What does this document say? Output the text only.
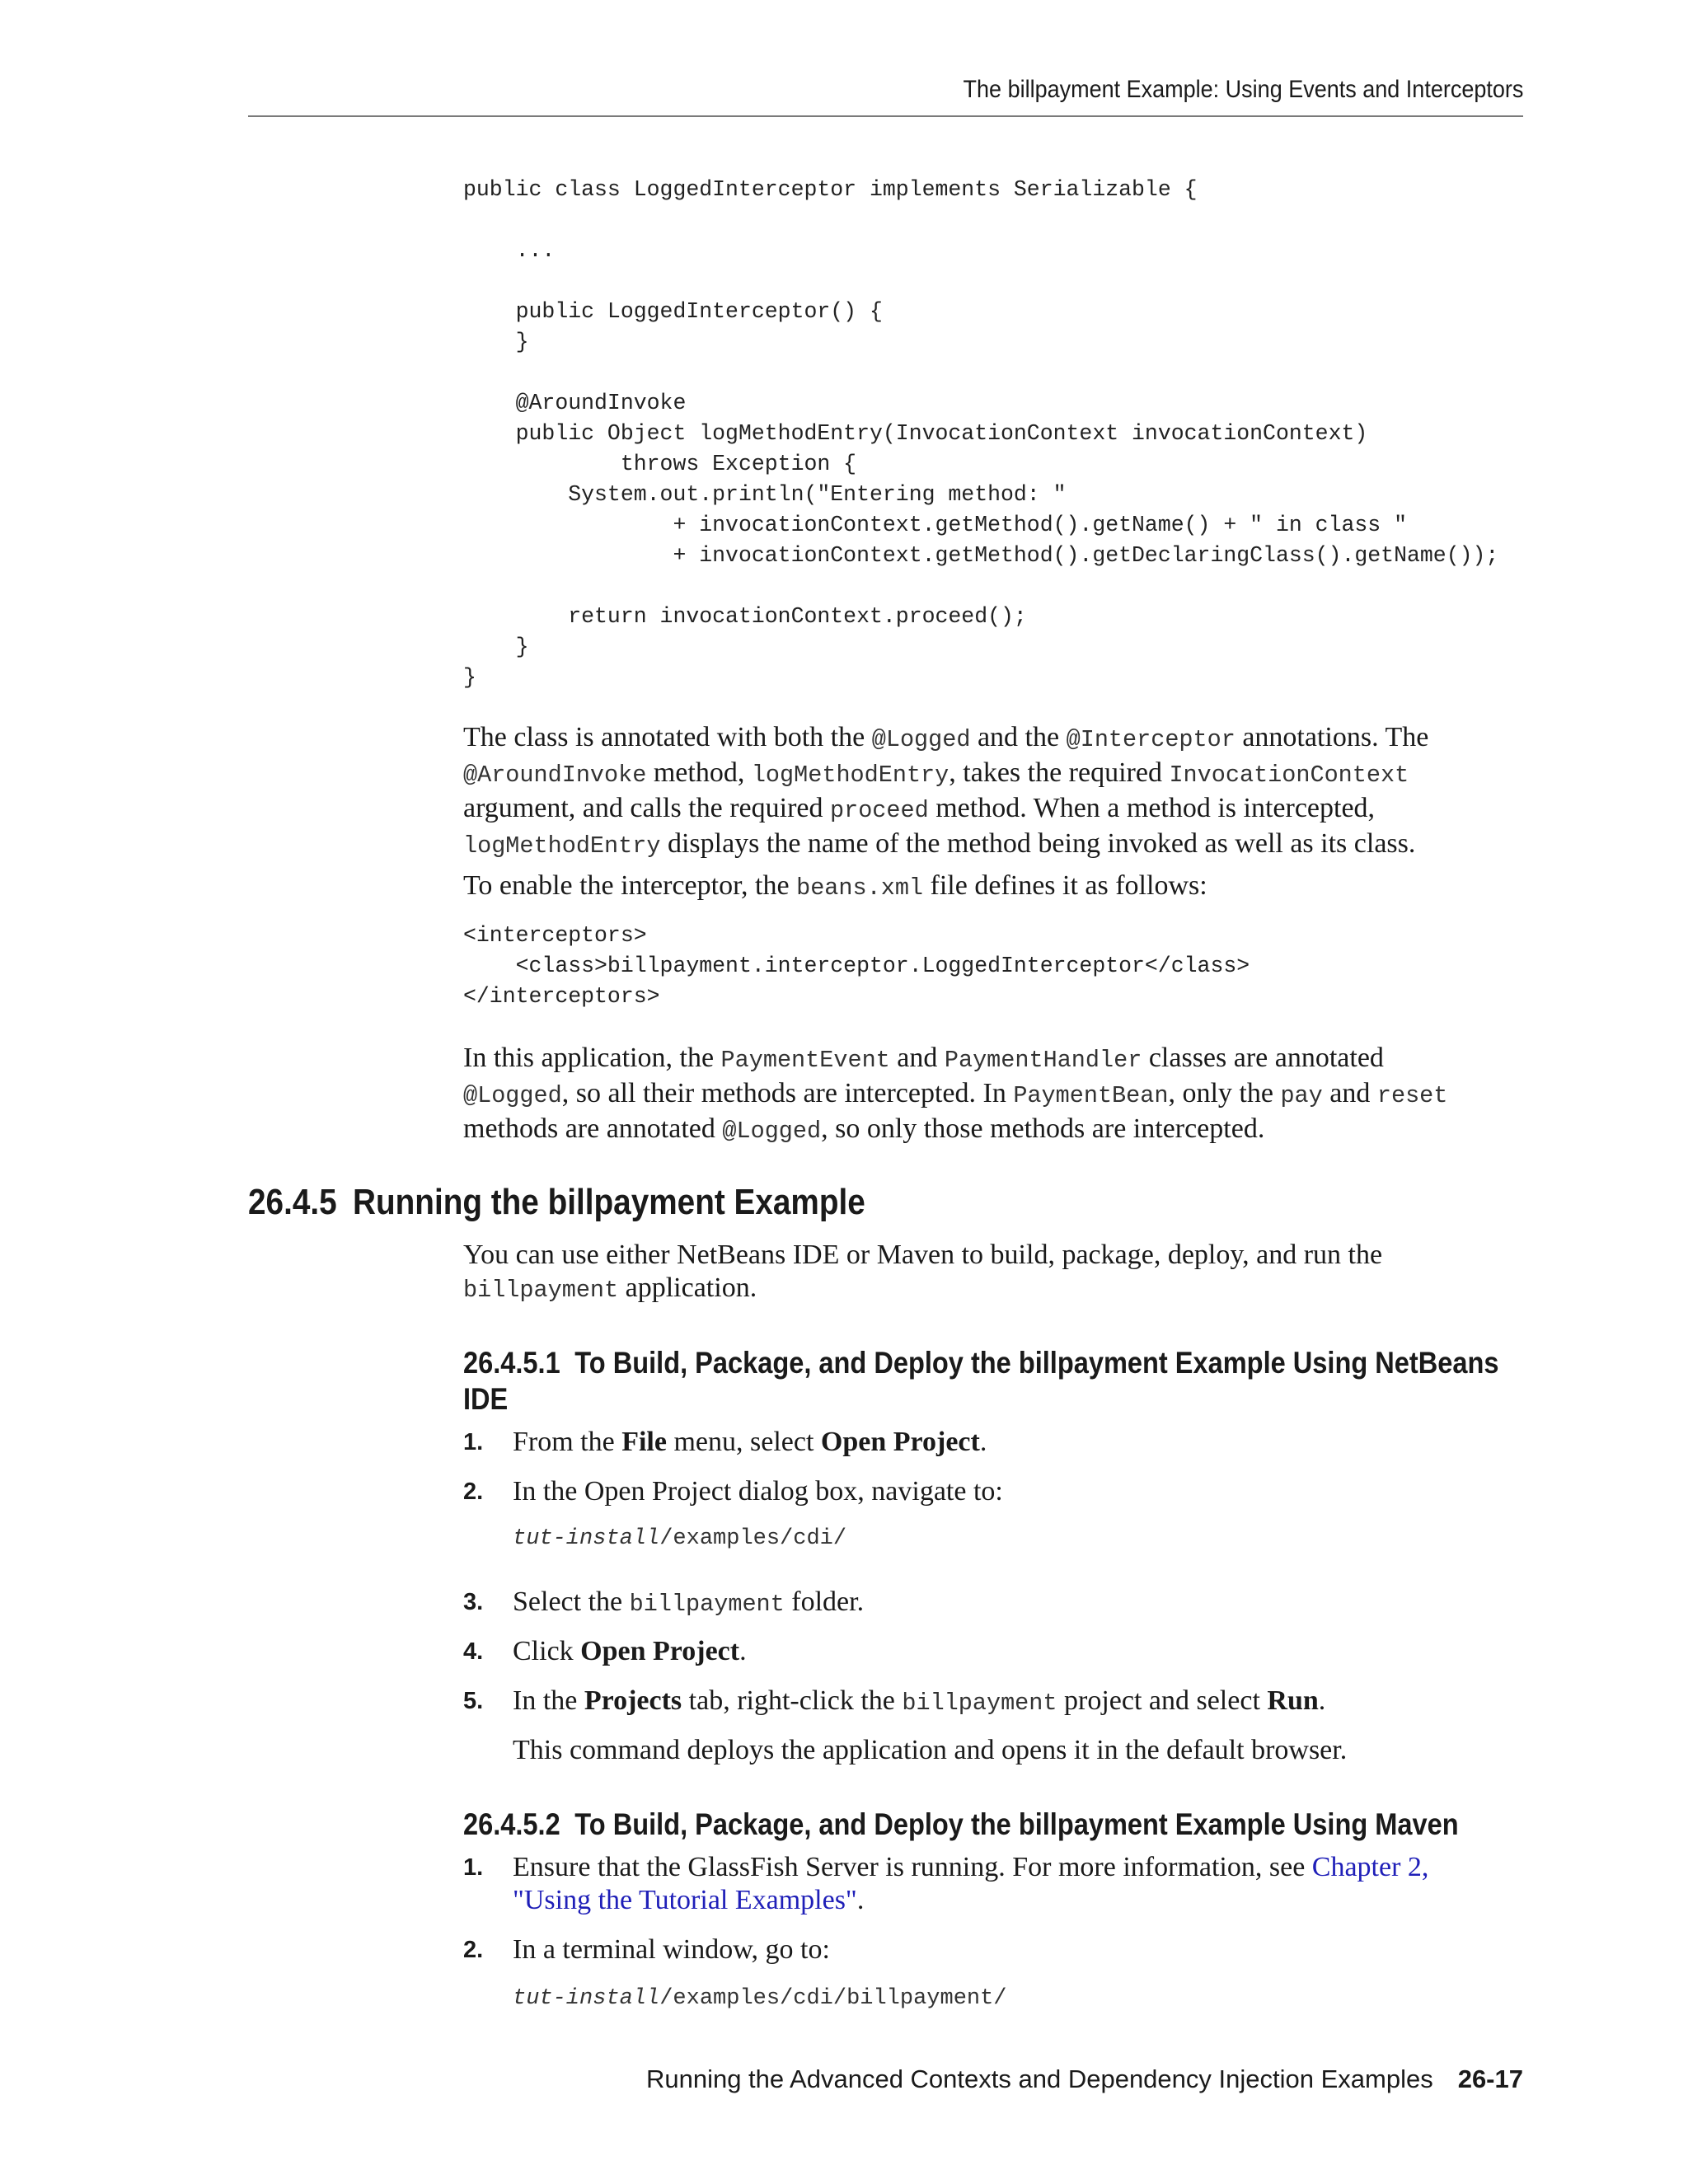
The billpayment Example: Using Events and Interceptors
public class LoggedInterceptor implements Serializable {

...

public LoggedInterceptor() {
}

@AroundInvoke
public Object logMethodEntry(InvocationContext invocationContext)
throws Exception {
System.out.println("Entering method: "
+ invocationContext.getMethod().getName() + " in class "
+ invocationContext.getMethod().getDeclaringClass().getName());

return invocationContext.proceed();
}
}
The class is annotated with both the @Logged and the @Interceptor annotations. The
@AroundInvoke method, logMethodEntry, takes the required InvocationContext
argument, and calls the required proceed method. When a method is intercepted,
logMethodEntry displays the name of the method being invoked as well as its class.
To enable the interceptor, the beans.xml file defines it as follows:
<interceptors>
<class>billpayment.interceptor.LoggedInterceptor</class>
</interceptors>
In this application, the PaymentEvent and PaymentHandler classes are annotated
@Logged, so all their methods are intercepted. In PaymentBean, only the pay and reset
methods are annotated @Logged, so only those methods are intercepted.
26.4.5 Running the billpayment Example
You can use either NetBeans IDE or Maven to build, package, deploy, and run the
billpayment application.
26.4.5.1 To Build, Package, and Deploy the billpayment Example Using NetBeans
IDE
1. From the File menu, select Open Project.
2. In the Open Project dialog box, navigate to:
tut-install/examples/cdi/
3. Select the billpayment folder.
4. Click Open Project.
5. In the Projects tab, right-click the billpayment project and select Run.
This command deploys the application and opens it in the default browser.
26.4.5.2 To Build, Package, and Deploy the billpayment Example Using Maven
1. Ensure that the GlassFish Server is running. For more information, see Chapter 2,
"Using the Tutorial Examples".
2. In a terminal window, go to:
tut-install/examples/cdi/billpayment/
Running the Advanced Contexts and Dependency Injection Examples 26-17
